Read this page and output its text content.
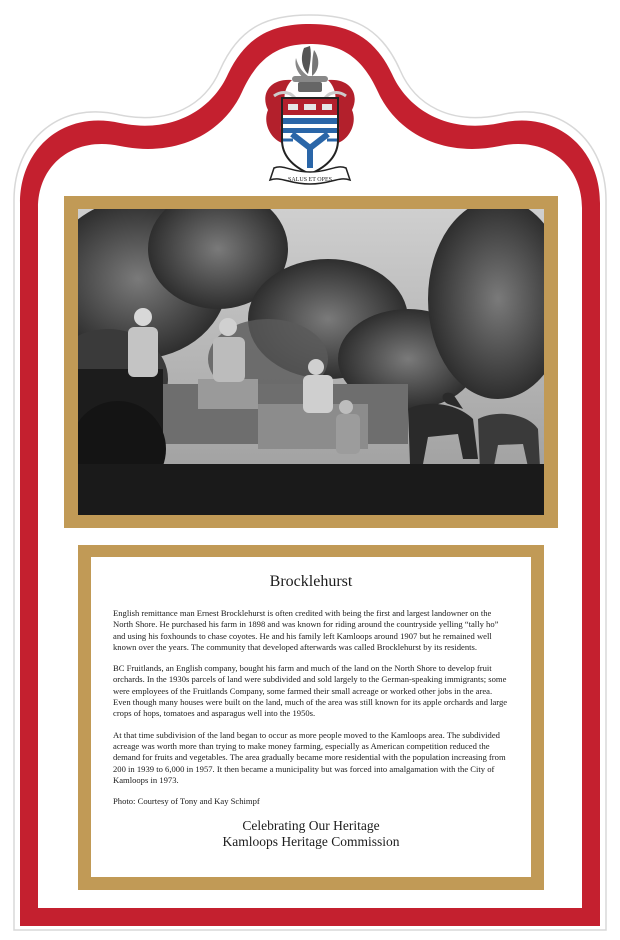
SALUS ET OPES
Brocklehurst

English remittance man Ernest Brocklehurst is often credited with being the first and largest landowner on the North Shore. He purchased his farm in 1898 and was known for riding around the countryside yelling “tally ho” and using his foxhounds to chase coyotes. He and his family left Kamloops around 1907 but he remained well known over the years. The community that developed afterwards was called Brocklehurst by its residents.

BC Fruitlands, an English company, bought his farm and much of the land on the North Shore to develop fruit orchards. In the 1930s parcels of land were subdivided and sold largely to the German-speaking immigrants; some were employees of the Fruitlands Company, some farmed their small acreage or worked other jobs in the area. Even though many houses were built on the land, much of the area was still known for its apple orchards and large crops of hops, tomatoes and asparagus well into the 1950s.

At that time subdivision of the land began to occur as more people moved to the Kamloops area. The subdivided acreage was worth more than trying to make money farming, especially as American competition reduced the demand for fruits and vegetables. The area gradually became more residential with the population increasing from 200 in 1939 to 6,000 in 1957. It then became a municipality but was forced into amalgamation with the City of Kamloops in 1973.

Photo: Courtesy of Tony and Kay Schimpf

Celebrating Our Heritage

Kamloops Heritage Commission
